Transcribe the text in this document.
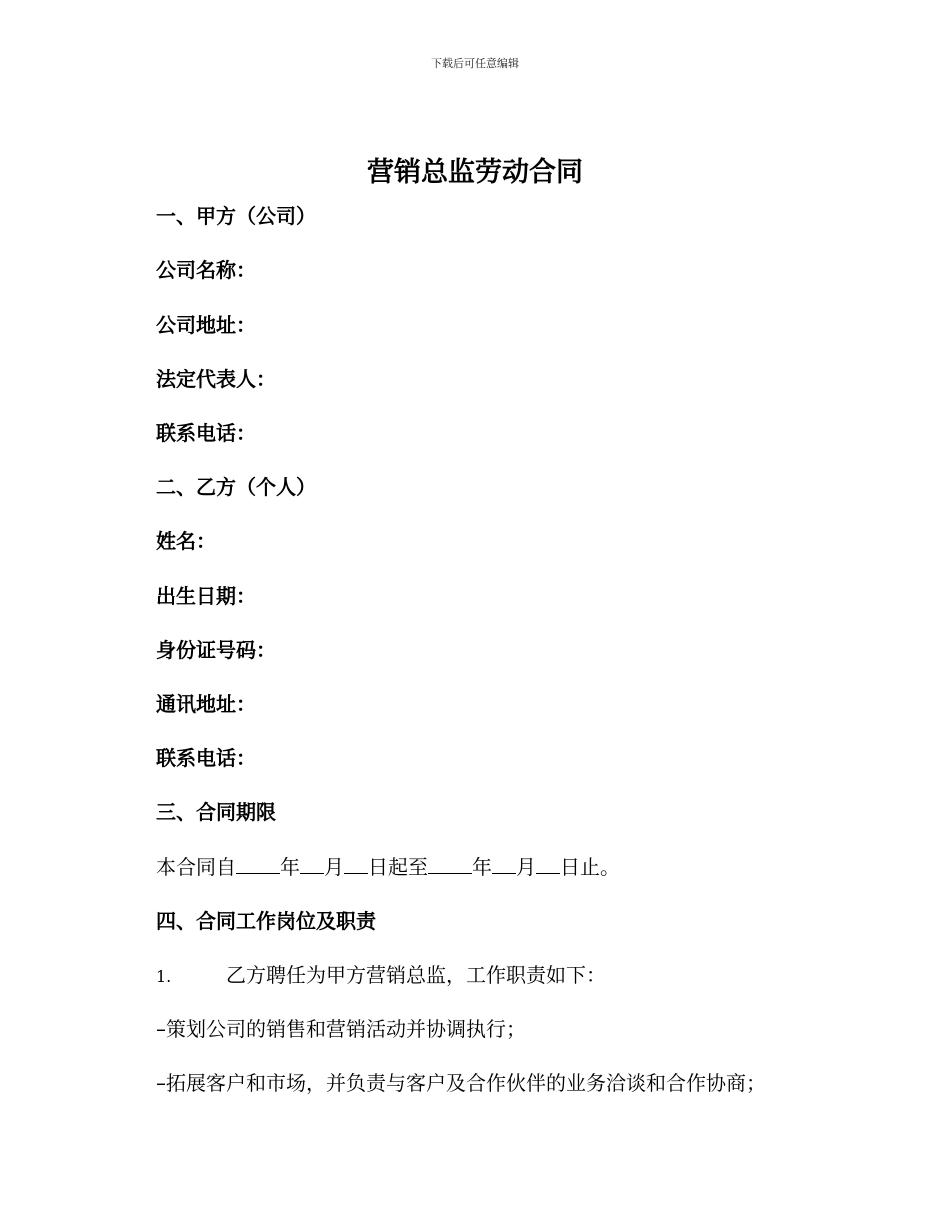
下载后可任意编辑
营销总监劳动合同
一、甲方（公司）
公司名称：
公司地址：
法定代表人：
联系电话：
二、乙方（个人）
姓名：
出生日期：
身份证号码：
通讯地址：
联系电话：
三、合同期限
本合同自 年 月 日起至 年 月 日止。
四、合同工作岗位及职责
1.	乙方聘任为甲方营销总监，工作职责如下：
–策划公司的销售和营销活动并协调执行；
–拓展客户和市场，并负责与客户及合作伙伴的业务洽谈和合作协商；
